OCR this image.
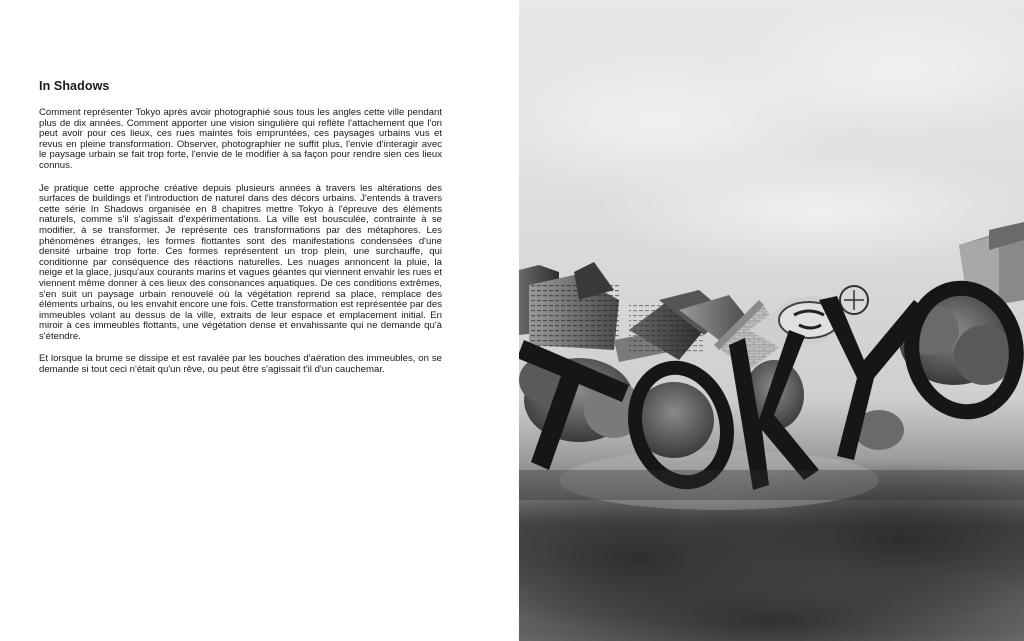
In Shadows

Comment représenter Tokyo après avoir photographié sous tous les angles cette ville pendant plus de dix années. Comment apporter une vision singulière qui reflète l'attachement que l'on peut avoir pour ces lieux, ces rues maintes fois empruntées, ces paysages urbains vus et revus en pleine transformation. Observer, photographier ne suffit plus, l'envie d'interagir avec le paysage urbain se fait trop forte, l'envie de le modifier à sa façon pour rendre sien ces lieux connus.

Je pratique cette approche créative depuis plusieurs années à travers les altérations des surfaces de buildings et l'introduction de naturel dans des décors urbains. J'entends à travers cette série In Shadows organisée en 8 chapitres mettre Tokyo à l'épreuve des éléments naturels, comme s'il s'agissait d'expérimentations. La ville est bousculée, contrainte à se modifier, à se transformer. Je représente ces transformations par des métaphores. Les phénomènes étranges, les formes flottantes sont des manifestations condensées d'une densité urbaine trop forte. Ces formes représentent un trop plein, une surchauffe, qui conditionne par conséquence des réactions naturelles. Les nuages annoncent la pluie, la neige et la glace, jusqu'aux courants marins et vagues géantes qui viennent envahir les rues et viennent même donner à ces lieux des consonances aquatiques. De ces conditions extrêmes, s'en suit un paysage urbain renouvelé où la végétation reprend sa place, remplace des éléments urbains, ou les envahit encore une fois. Cette transformation est représentée par des immeubles volant au dessus de la ville, extraits de leur espace et emplacement initial. En miroir à ces immeubles flottants, une végétation dense et envahissante qui ne demande qu'à s'étendre.

Et lorsque la brume se dissipe et est ravalée par les bouches d'aération des immeubles, on se demande si tout ceci n'était qu'un rêve, ou peut être s'agissait t'il d'un cauchemar.
